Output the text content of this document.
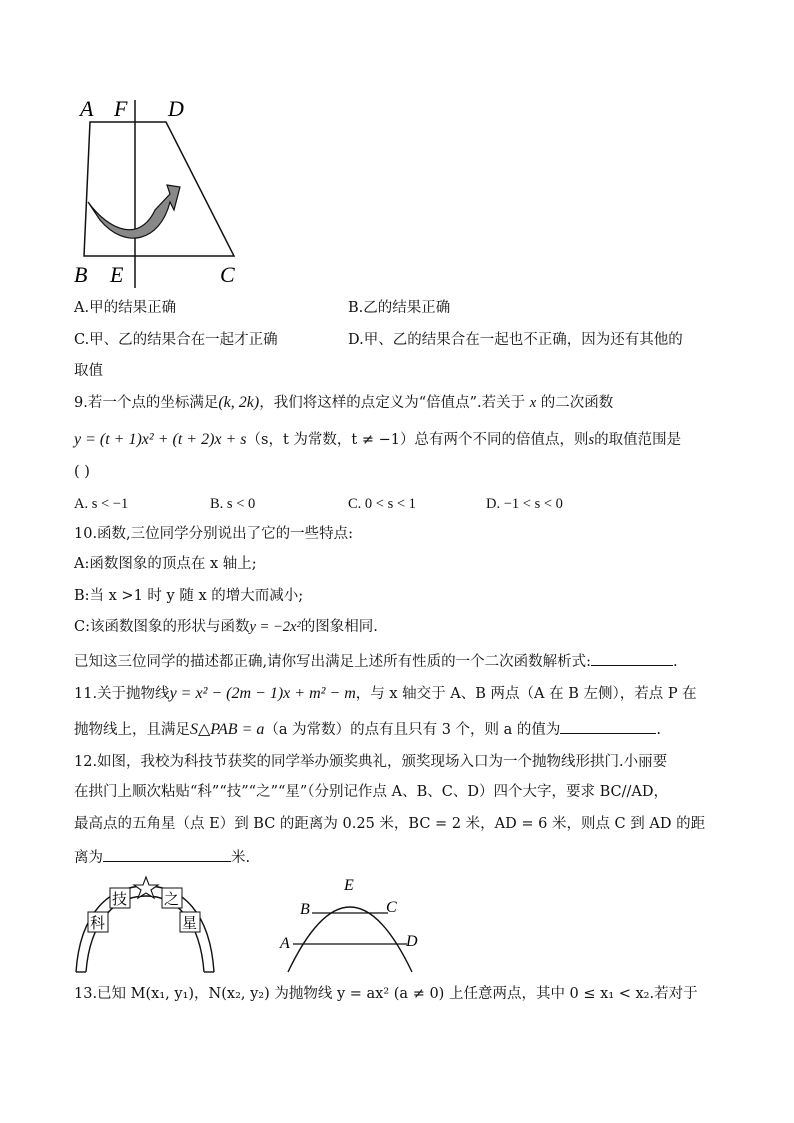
A F D
B E	C
A.甲的结果正确	B.乙的结果正确
C.甲、乙的结果合在一起才正确	D.甲、乙的结果合在一起也不正确，因为还有其他的
取值
9.若一个点的坐标满足(k, 2k)，我们将这样的点定义为“倍值点”.若关于 x 的二次函数
y = (t + 1)x² + (t + 2)x + s（s，t 为常数，t ≠ −1）总有两个不同的倍值点，则s的取值范围是
( )
A. s < −1	B. s < 0	C. 0 < s < 1	D. −1 < s < 0
10.函数,三位同学分别说出了它的一些特点:
A:函数图象的顶点在 x 轴上;
B:当 x >1 时 y 随 x 的增大而减小;
C:该函数图象的形状与函数y = −2x²的图象相同.
已知这三位同学的描述都正确,请你写出满足上述所有性质的一个二次函数解析式:	.
11.关于抛物线y = x² − (2m − 1)x + m² − m，与 x 轴交于 A、B 两点（A 在 B 左侧），若点 P 在
抛物线上，且满足S△PAB = a（a 为常数）的点有且只有 3 个，则 a 的值为	.
12.如图，我校为科技节获奖的同学举办颁奖典礼，颁奖现场入口为一个抛物线形拱门.小丽要
在拱门上顺次粘贴“科”“技”“之”“星”（分别记作点 A、B、C、D）四个大字，要求 BC//AD，
最高点的五角星（点 E）到 BC 的距离为 0.25 米，BC = 2 米，AD = 6 米，则点 C 到 AD 的距
离为	米.
科
技 之
星
E
B	C
A	D
13.已知 M(x₁, y₁)，N(x₂, y₂) 为抛物线 y = ax² (a ≠ 0) 上任意两点，其中 0 ≤ x₁ < x₂.若对于
